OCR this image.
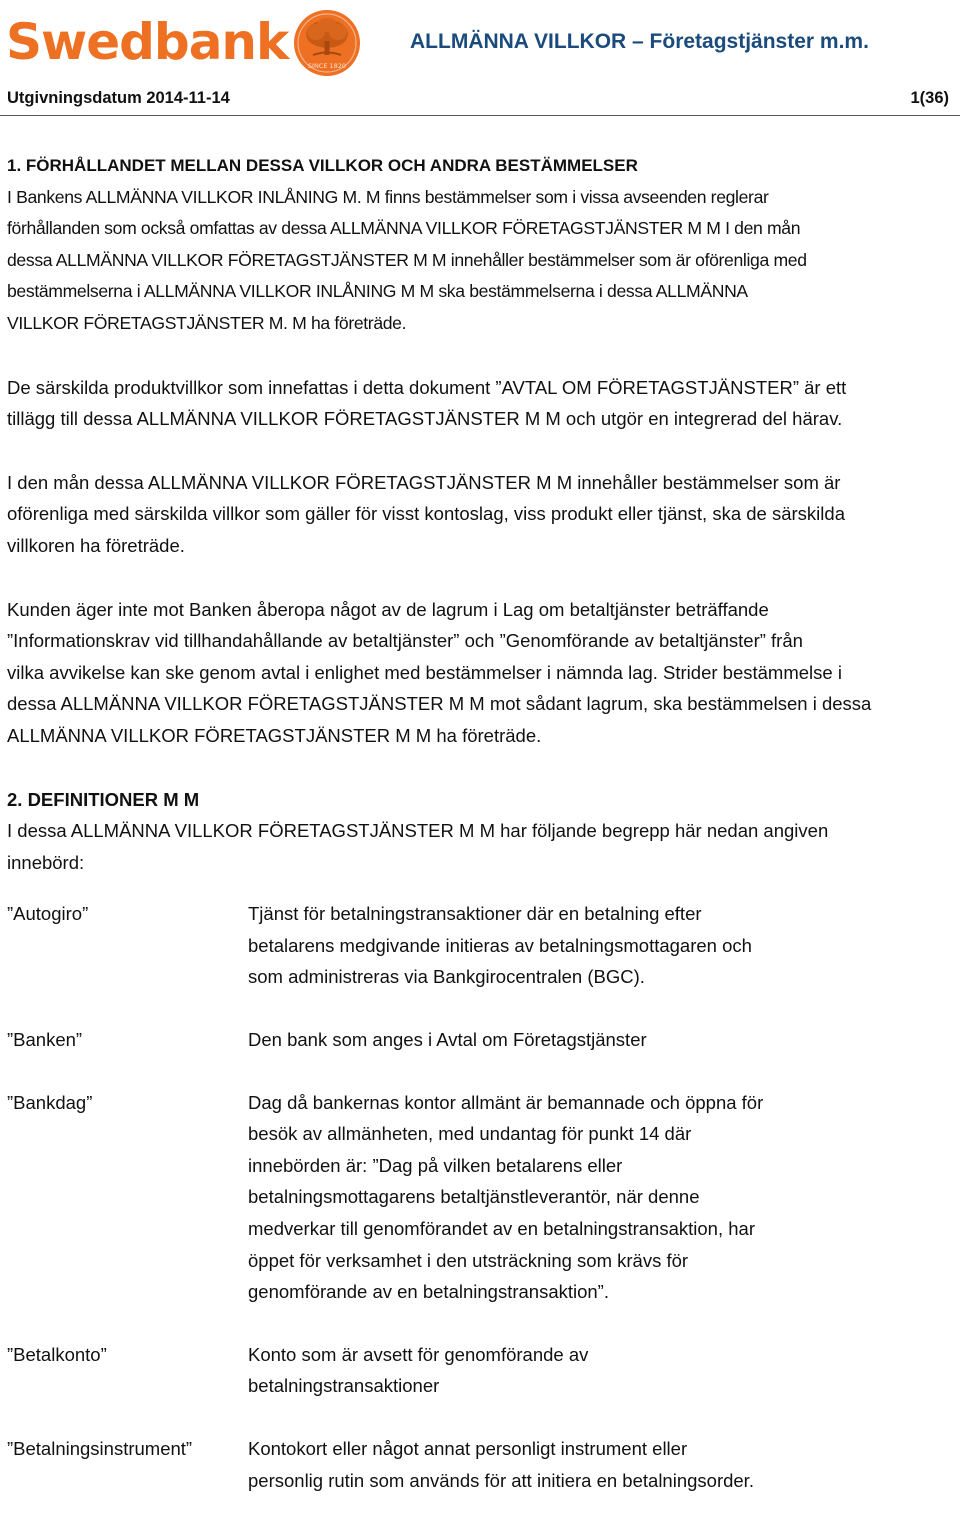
Swedbank	SINCE 1820
ALLMÄNNA VILLKOR – Företagstjänster m.m.
Utgivningsdatum 2014-11-14	1(36)
1. FÖRHÅLLANDET MELLAN DESSA VILLKOR OCH ANDRA BESTÄMMELSER
I Bankens ALLMÄNNA VILLKOR INLÅNING M. M finns bestämmelser som i vissa avseenden reglerar
förhållanden som också omfattas av dessa ALLMÄNNA VILLKOR FÖRETAGSTJÄNSTER M M I den mån
dessa ALLMÄNNA VILLKOR FÖRETAGSTJÄNSTER M M innehåller bestämmelser som är oförenliga med
bestämmelserna i ALLMÄNNA VILLKOR INLÅNING M M ska bestämmelserna i dessa ALLMÄNNA
VILLKOR FÖRETAGSTJÄNSTER M. M ha företräde.
De särskilda produktvillkor som innefattas i detta dokument ”AVTAL OM FÖRETAGSTJÄNSTER” är ett
tillägg till dessa ALLMÄNNA VILLKOR FÖRETAGSTJÄNSTER M M och utgör en integrerad del härav.
I den mån dessa ALLMÄNNA VILLKOR FÖRETAGSTJÄNSTER M M innehåller bestämmelser som är
oförenliga med särskilda villkor som gäller för visst kontoslag, viss produkt eller tjänst, ska de särskilda
villkoren ha företräde.
Kunden äger inte mot Banken åberopa något av de lagrum i Lag om betaltjänster beträffande
”Informationskrav vid tillhandahållande av betaltjänster” och ”Genomförande av betaltjänster” från
vilka avvikelse kan ske genom avtal i enlighet med bestämmelser i nämnda lag. Strider bestämmelse i
dessa ALLMÄNNA VILLKOR FÖRETAGSTJÄNSTER M M mot sådant lagrum, ska bestämmelsen i dessa
ALLMÄNNA VILLKOR FÖRETAGSTJÄNSTER M M ha företräde.
2. DEFINITIONER M M
I dessa ALLMÄNNA VILLKOR FÖRETAGSTJÄNSTER M M har följande begrepp här nedan angiven
innebörd:
”Autogiro”	Tjänst för betalningstransaktioner där en betalning efter
betalarens medgivande initieras av betalningsmottagaren och
som administreras via Bankgirocentralen (BGC).
”Banken”	Den bank som anges i Avtal om Företagstjänster
”Bankdag”	Dag då bankernas kontor allmänt är bemannade och öppna för
besök av allmänheten, med undantag för punkt 14 där
innebörden är: ”Dag på vilken betalarens eller
betalningsmottagarens betaltjänstleverantör, när denne
medverkar till genomförandet av en betalningstransaktion, har
öppet för verksamhet i den utsträckning som krävs för
genomförande av en betalningstransaktion”.
”Betalkonto”	Konto som är avsett för genomförande av
betalningstransaktioner
”Betalningsinstrument”	Kontokort eller något annat personligt instrument eller
personlig rutin som används för att initiera en betalningsorder.
